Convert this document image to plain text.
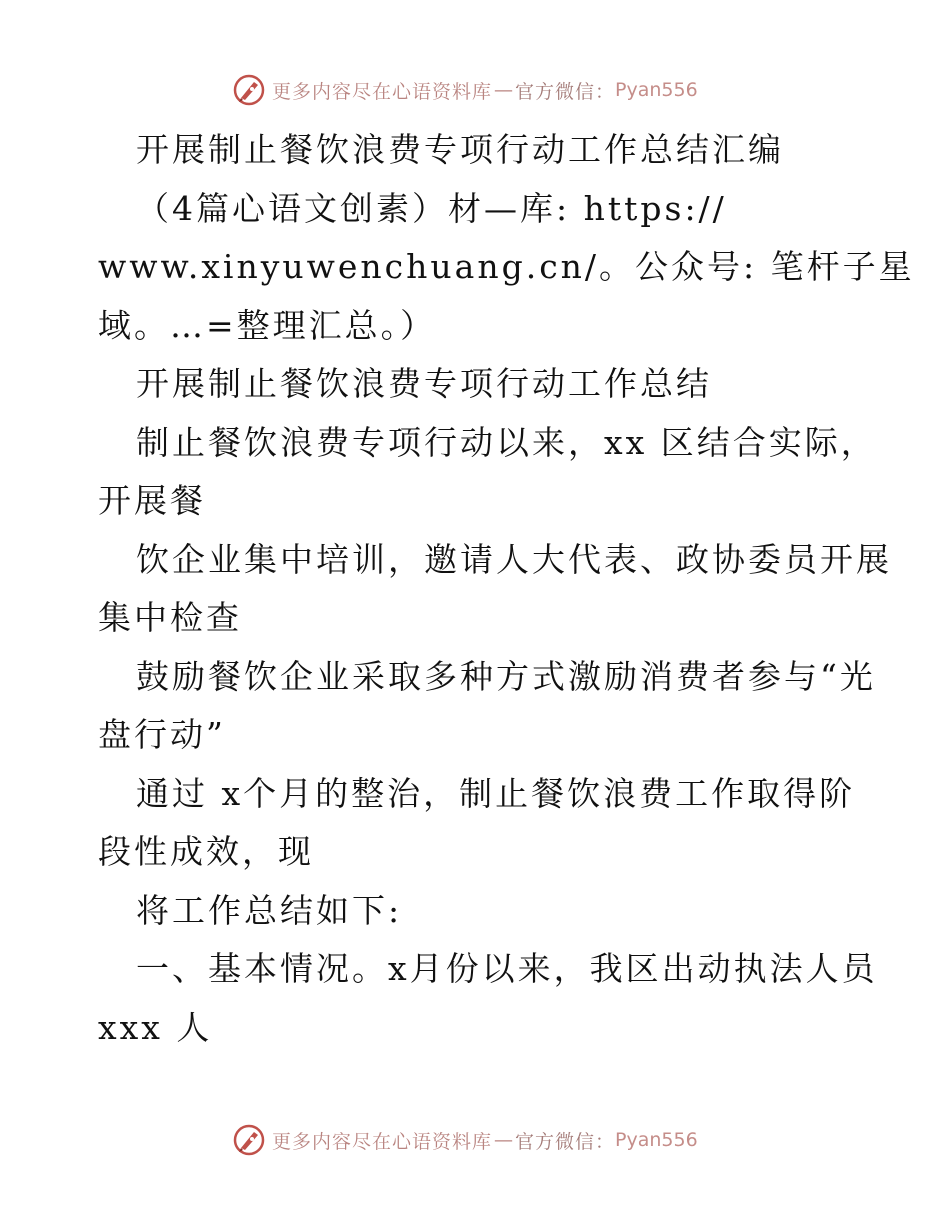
更多内容尽在心语资料库 — 官方微信： Pyan556
开展制止餐饮浪费专项行动工作总结汇编
（4篇心语文创素）材—库: https://
www.xinyuwenchuang.cn/。公众号: 笔杆子星
域。…=整理汇总。）
开展制止餐饮浪费专项行动工作总结
制止餐饮浪费专项行动以来，xx 区结合实际，
开展餐
饮企业集中培训，邀请人大代表、政协委员开展
集中检查
鼓励餐饮企业采取多种方式激励消费者参与“光
盘行动”
通过 x个月的整治，制止餐饮浪费工作取得阶
段性成效，现
将工作总结如下:
一、基本情况。x月份以来，我区出动执法人员
xxx 人
更多内容尽在心语资料库 — 官方微信： Pyan556
